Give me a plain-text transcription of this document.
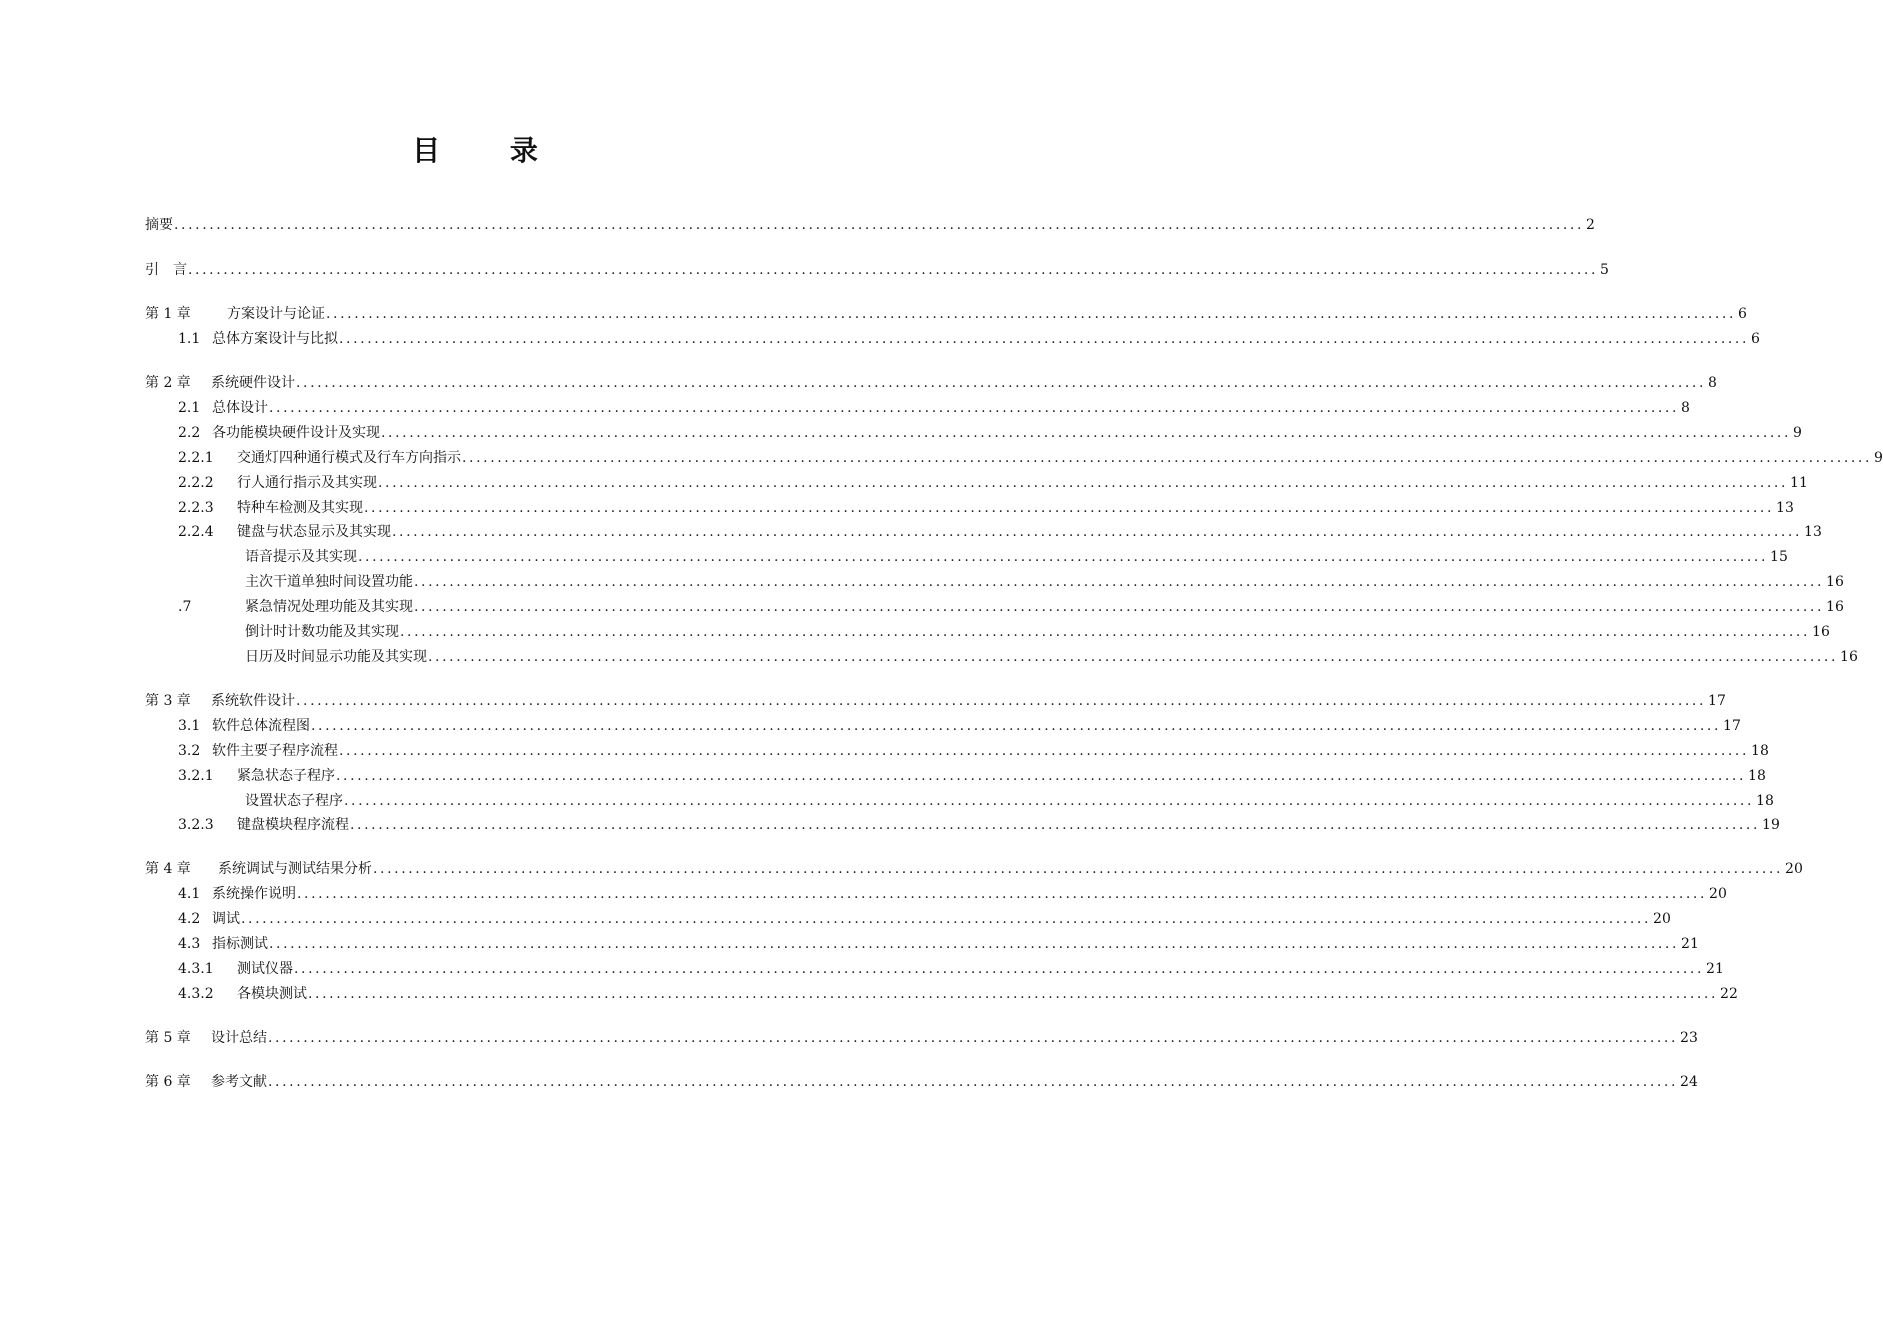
目 录
摘要 ........................................................................................................................................................................................................ 2
引　言 ........................................................................................................................................................................................................ 5
第 1 章	方案设计与论证 ........................................................................................................................................................................................................ 6
1.1 总体方案设计与比拟 ........................................................................................................................................................................................................ 6
第 2 章 系统硬件设计 ........................................................................................................................................................................................................ 8
2.1 总体设计 ........................................................................................................................................................................................................ 8
2.2 各功能模块硬件设计及实现 ........................................................................................................................................................................................................ 9
2.2.1	交通灯四种通行模式及行车方向指示 ........................................................................................................................................................................................................ 9
2.2.2	行人通行指示及其实现 ........................................................................................................................................................................................................ 11
2.2.3	特种车检测及其实现 ........................................................................................................................................................................................................ 13
2.2.4	键盘与状态显示及其实现 ........................................................................................................................................................................................................ 13
语音提示及其实现 ........................................................................................................................................................................................................ 15
主次干道单独时间设置功能 ........................................................................................................................................................................................................ 16
.7	紧急情况处理功能及其实现 ........................................................................................................................................................................................................ 16
倒计时计数功能及其实现 ........................................................................................................................................................................................................ 16
日历及时间显示功能及其实现 ........................................................................................................................................................................................................ 16
第 3 章 系统软件设计 ........................................................................................................................................................................................................ 17
3.1 软件总体流程图 ........................................................................................................................................................................................................ 17
3.2 软件主要子程序流程 ........................................................................................................................................................................................................ 18
3.2.1	紧急状态子程序 ........................................................................................................................................................................................................ 18
设置状态子程序 ........................................................................................................................................................................................................ 18
3.2.3	键盘模块程序流程 ........................................................................................................................................................................................................ 19
第 4 章 系统调试与测试结果分析 ........................................................................................................................................................................................................ 20
4.1 系统操作说明 ........................................................................................................................................................................................................ 20
4.2 调试 ........................................................................................................................................................................................................ 20
4.3 指标测试 ........................................................................................................................................................................................................ 21
4.3.1	测试仪器 ........................................................................................................................................................................................................ 21
4.3.2	各模块测试 ........................................................................................................................................................................................................ 22
第 5 章 设计总结 ........................................................................................................................................................................................................ 23
第 6 章 参考文献 ........................................................................................................................................................................................................ 24
